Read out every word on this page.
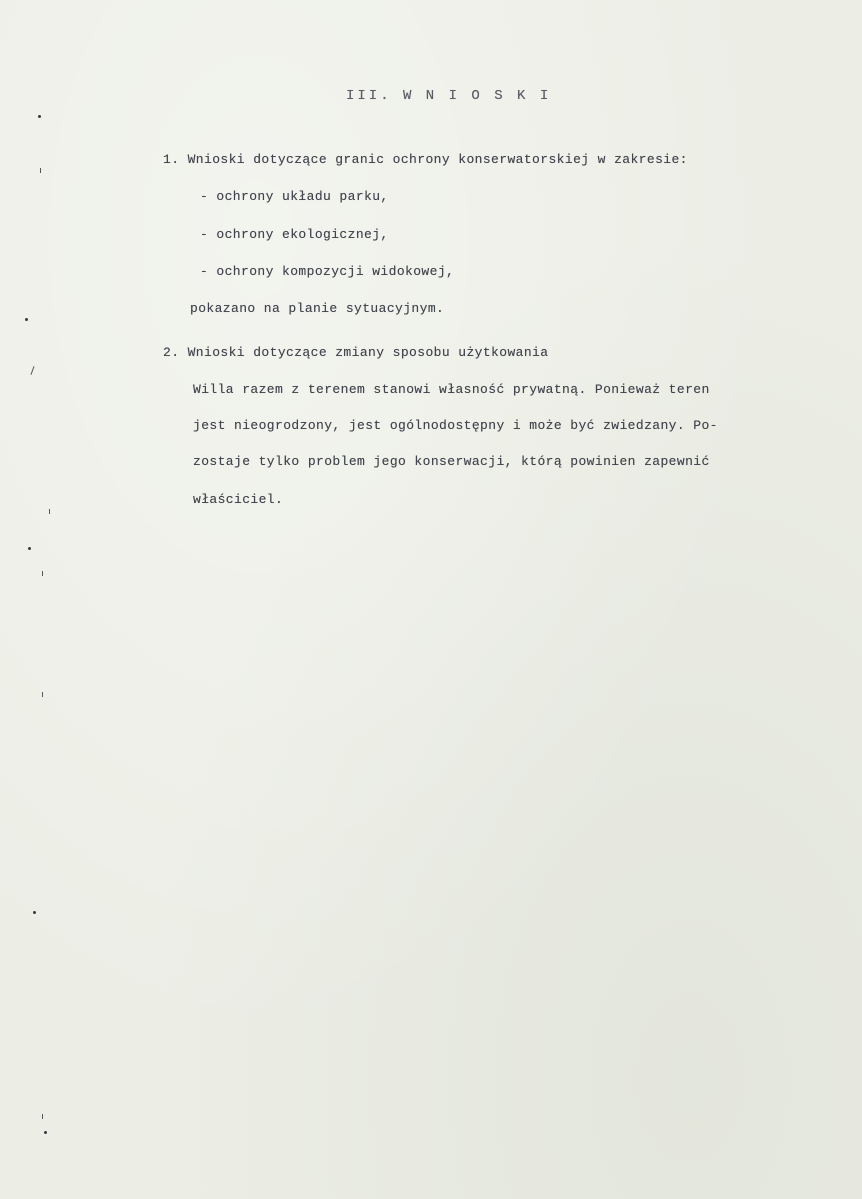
III. W N I O S K I
1. Wnioski dotyczące granic ochrony konserwatorskiej w zakresie:
- ochrony układu parku,
- ochrony ekologicznej,
- ochrony kompozycji widokowej,
pokazano na planie sytuacyjnym.
2. Wnioski dotyczące zmiany sposobu użytkowania
Willa razem z terenem stanowi własność prywatną. Ponieważ teren
jest nieogrodzony, jest ogólnodostępny i może być zwiedzany. Po-
zostaje tylko problem jego konserwacji, którą powinien zapewnić
właściciel.
